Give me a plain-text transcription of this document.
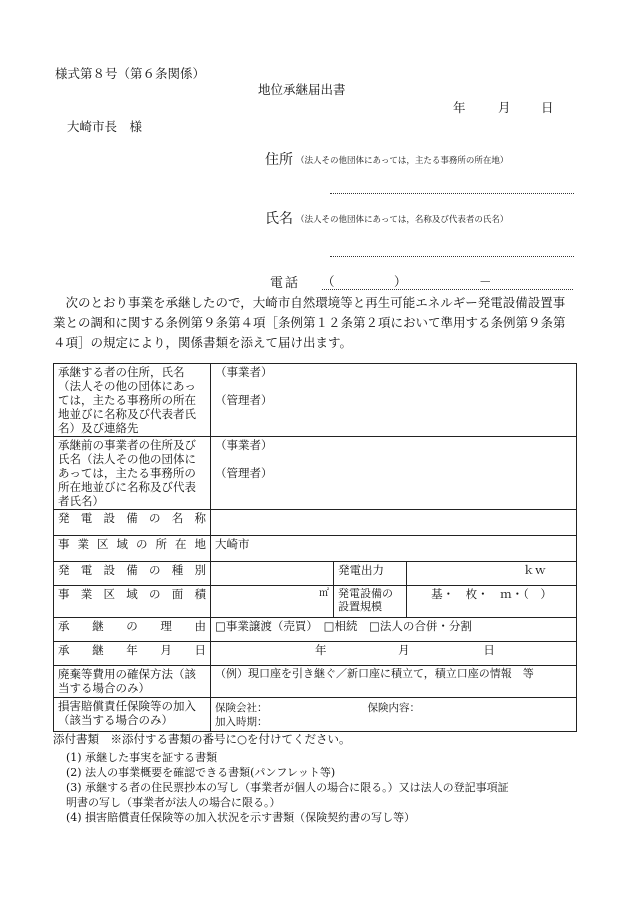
様式第８号（第６条関係）
地位承継届出書
年	月 日
大崎市長　様
住所 （法人その他団体にあっては，主たる事務所の所在地）
氏名 （法人その他団体にあっては，名称及び代表者の氏名）
電話 （	）	－
次のとおり事業を承継したので，大崎市自然環境等と再生可能エネルギー発電設備設置事業との調和に関する条例第９条第４項［条例第１２条第２項において準用する条例第９条第４項］の規定により，関係書類を添えて届け出ます。
承継する者の住所，氏名（法人その他の団体にあっては，主たる事務所の所在地並びに名称及び代表者氏名）及び連絡先	（事業者）
（管理者）		

承継前の事業者の住所及び氏名（法人その他の団体にあっては，主たる事務所の所在地並びに名称及び代表者氏名）	（事業者）
（管理者）		

発電設備の名称			
事業区域の所在地	大崎市		
発電設備の種別		発電出力	ｋｗ
事業区域の面積	㎡	発電設備の設置規模	基・　枚・　ｍ・（　）
承継の理由	□事業譲渡（売買）　□相続　□法人の合併・分割		
承継年月日	年 月 日		
廃棄等費用の確保方法（該当する場合のみ）	（例）現口座を引き継ぐ／新口座に積立て，積立口座の情報　等		
損害賠償責任保険等の加入（該当する場合のみ）	保険会社： 保険内容：
加入時期：		
添付書類　※添付する書類の番号に○を付けてください。
(1) 承継した事実を証する書類
(2) 法人の事業概要を確認できる書類(パンフレット等)
(3) 承継する者の住民票抄本の写し（事業者が個人の場合に限る。）又は法人の登記事項証
明書の写し（事業者が法人の場合に限る。）
(4) 損害賠償責任保険等の加入状況を示す書類（保険契約書の写し等）
